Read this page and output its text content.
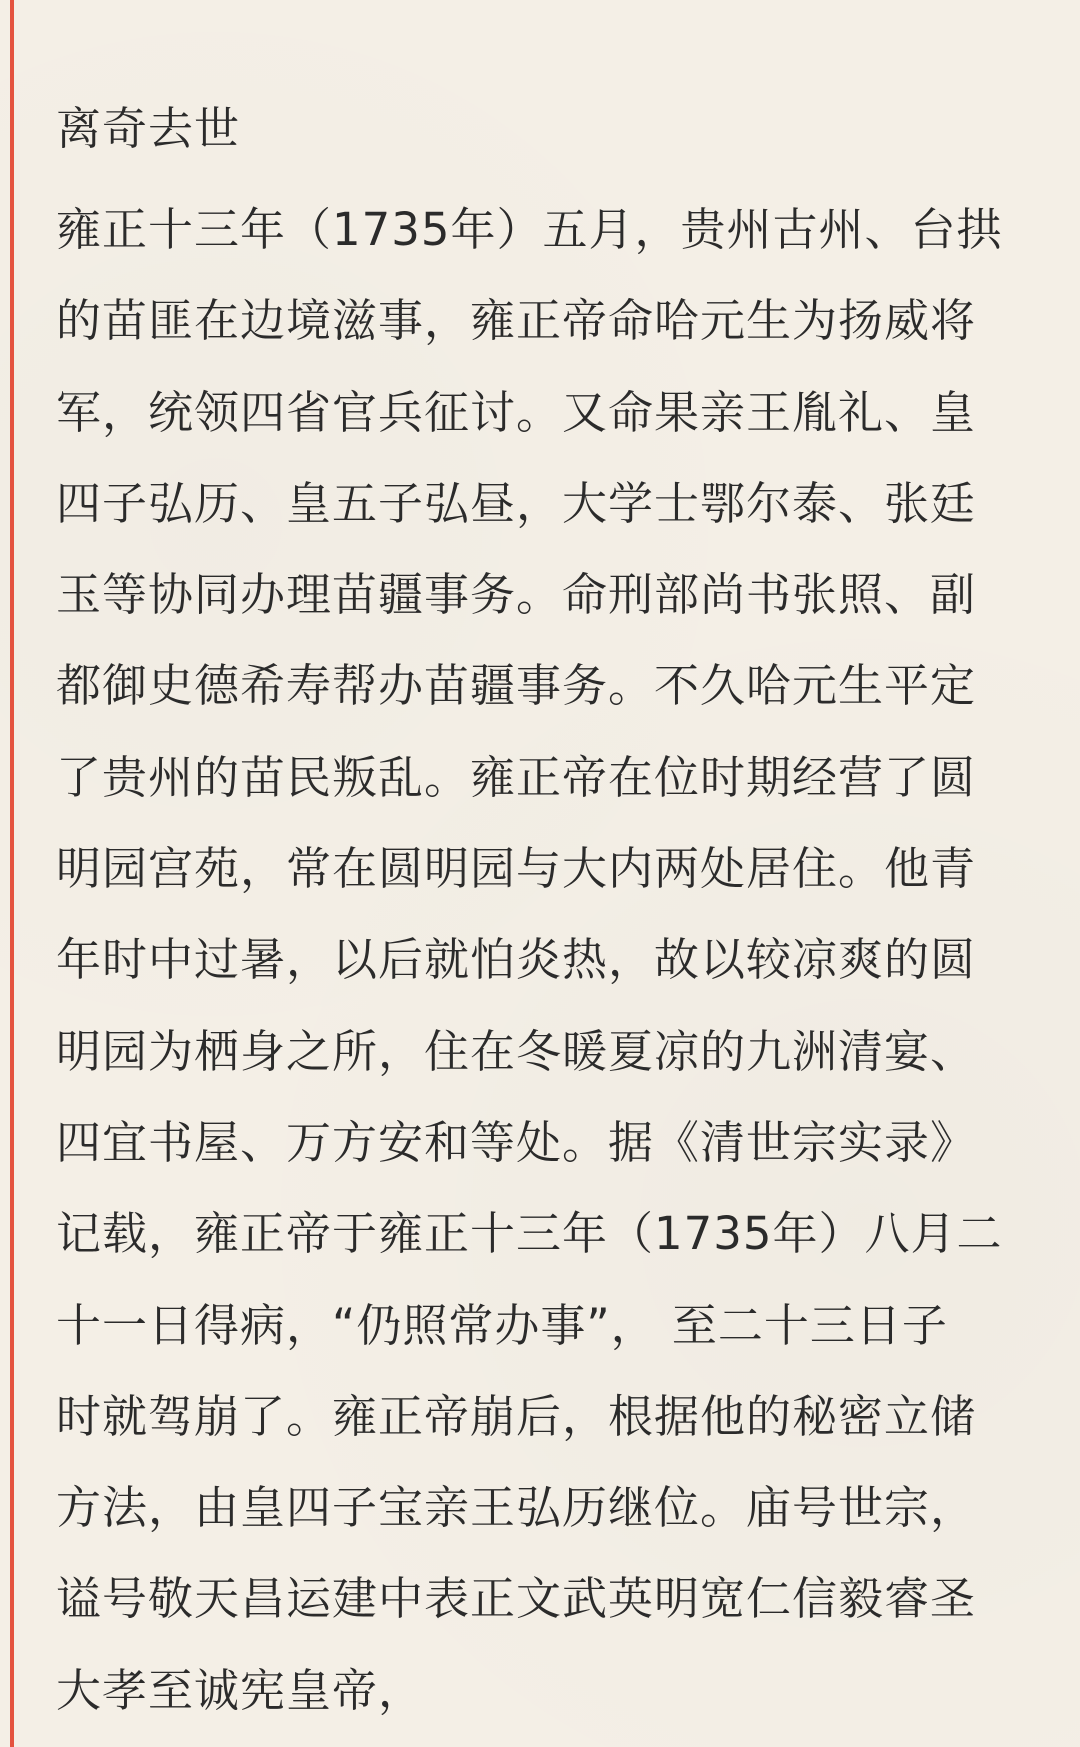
离奇去世
雍正十三年（1735年）五月，贵州古州、台拱
的苗匪在边境滋事，雍正帝命哈元生为扬威将
军，统领四省官兵征讨。又命果亲王胤礼、皇
四子弘历、皇五子弘昼，大学士鄂尔泰、张廷
玉等协同办理苗疆事务。命刑部尚书张照、副
都御史德希寿帮办苗疆事务。不久哈元生平定
了贵州的苗民叛乱。雍正帝在位时期经营了圆
明园宫苑，常在圆明园与大内两处居住。他青
年时中过暑，以后就怕炎热，故以较凉爽的圆
明园为栖身之所，住在冬暖夏凉的九洲清宴、
四宜书屋、万方安和等处。据《清世宗实录》
记载，雍正帝于雍正十三年（1735年）八月二
十一日得病，“仍照常办事”， 至二十三日子
时就驾崩了。雍正帝崩后，根据他的秘密立储
方法，由皇四子宝亲王弘历继位。庙号世宗，
谥号敬天昌运建中表正文武英明宽仁信毅睿圣
大孝至诚宪皇帝，
